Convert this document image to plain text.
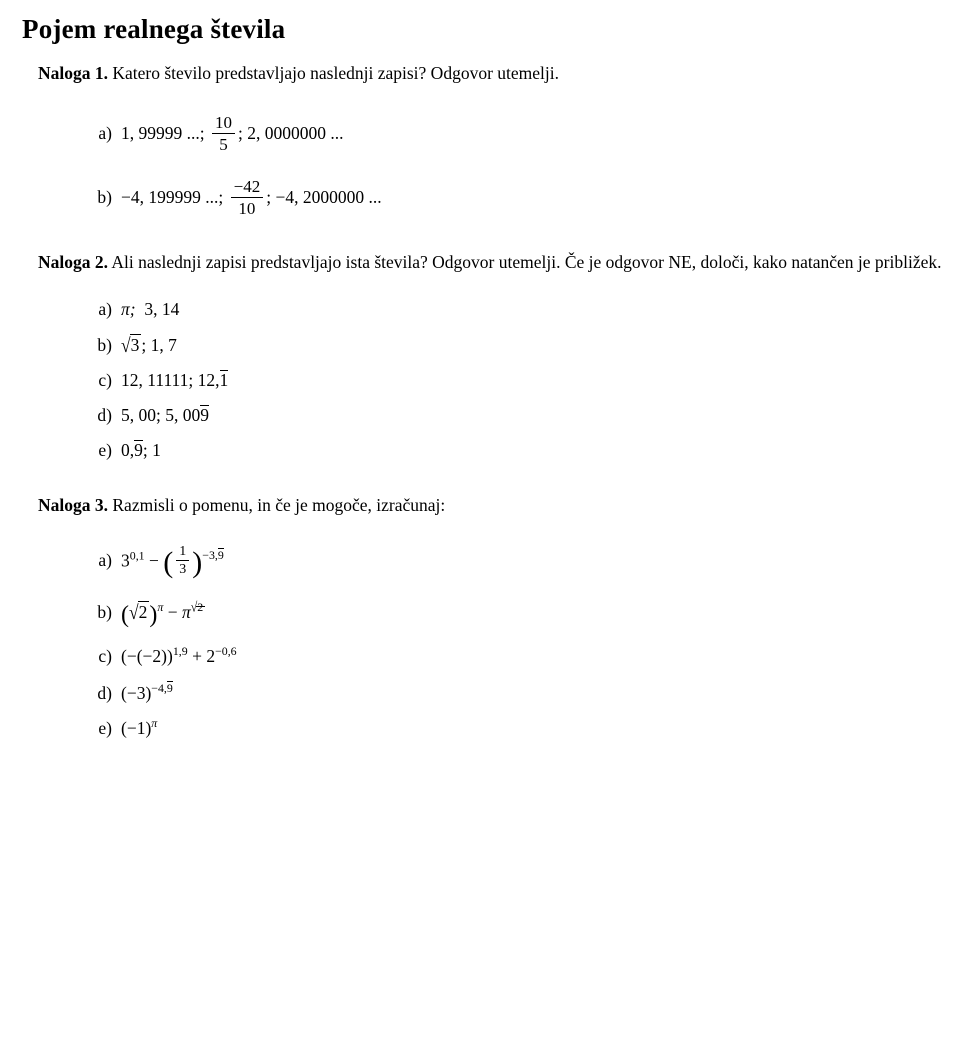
Pojem realnega števila

Naloga 1. Katero število predstavljajo naslednji zapisi? Odgovor utemelji.

a) 1, 99999 ...; $\frac{10}{5}$ ; 2, 0000000 ...
b) −4, 199999 ...; $\frac{-42}{10}$ ; −4, 2000000 ...

Naloga 2. Ali naslednji zapisi predstavljajo ista števila? Odgovor utemelji. Če je odgovor NE, določi, kako natančen je približek.

a) π; 3, 14
b) √3 ; 1, 7
c) 12, 11111; 12,1
d) 5, 00; 5, 009
e) 0,9; 1

Naloga 3. Razmisli o pomenu, in če je mogoče, izračunaj:

a) $3^{0,1}$ − ( $\frac{1}{3} )^{-3,9}$
b) $(√2)^\pi - \pi^{√2}$
c) $(-(-2))^{1,9} + 2^{-0,6}$
d) $(-3)^{-4,9}$
e) $(-1)^\pi$
